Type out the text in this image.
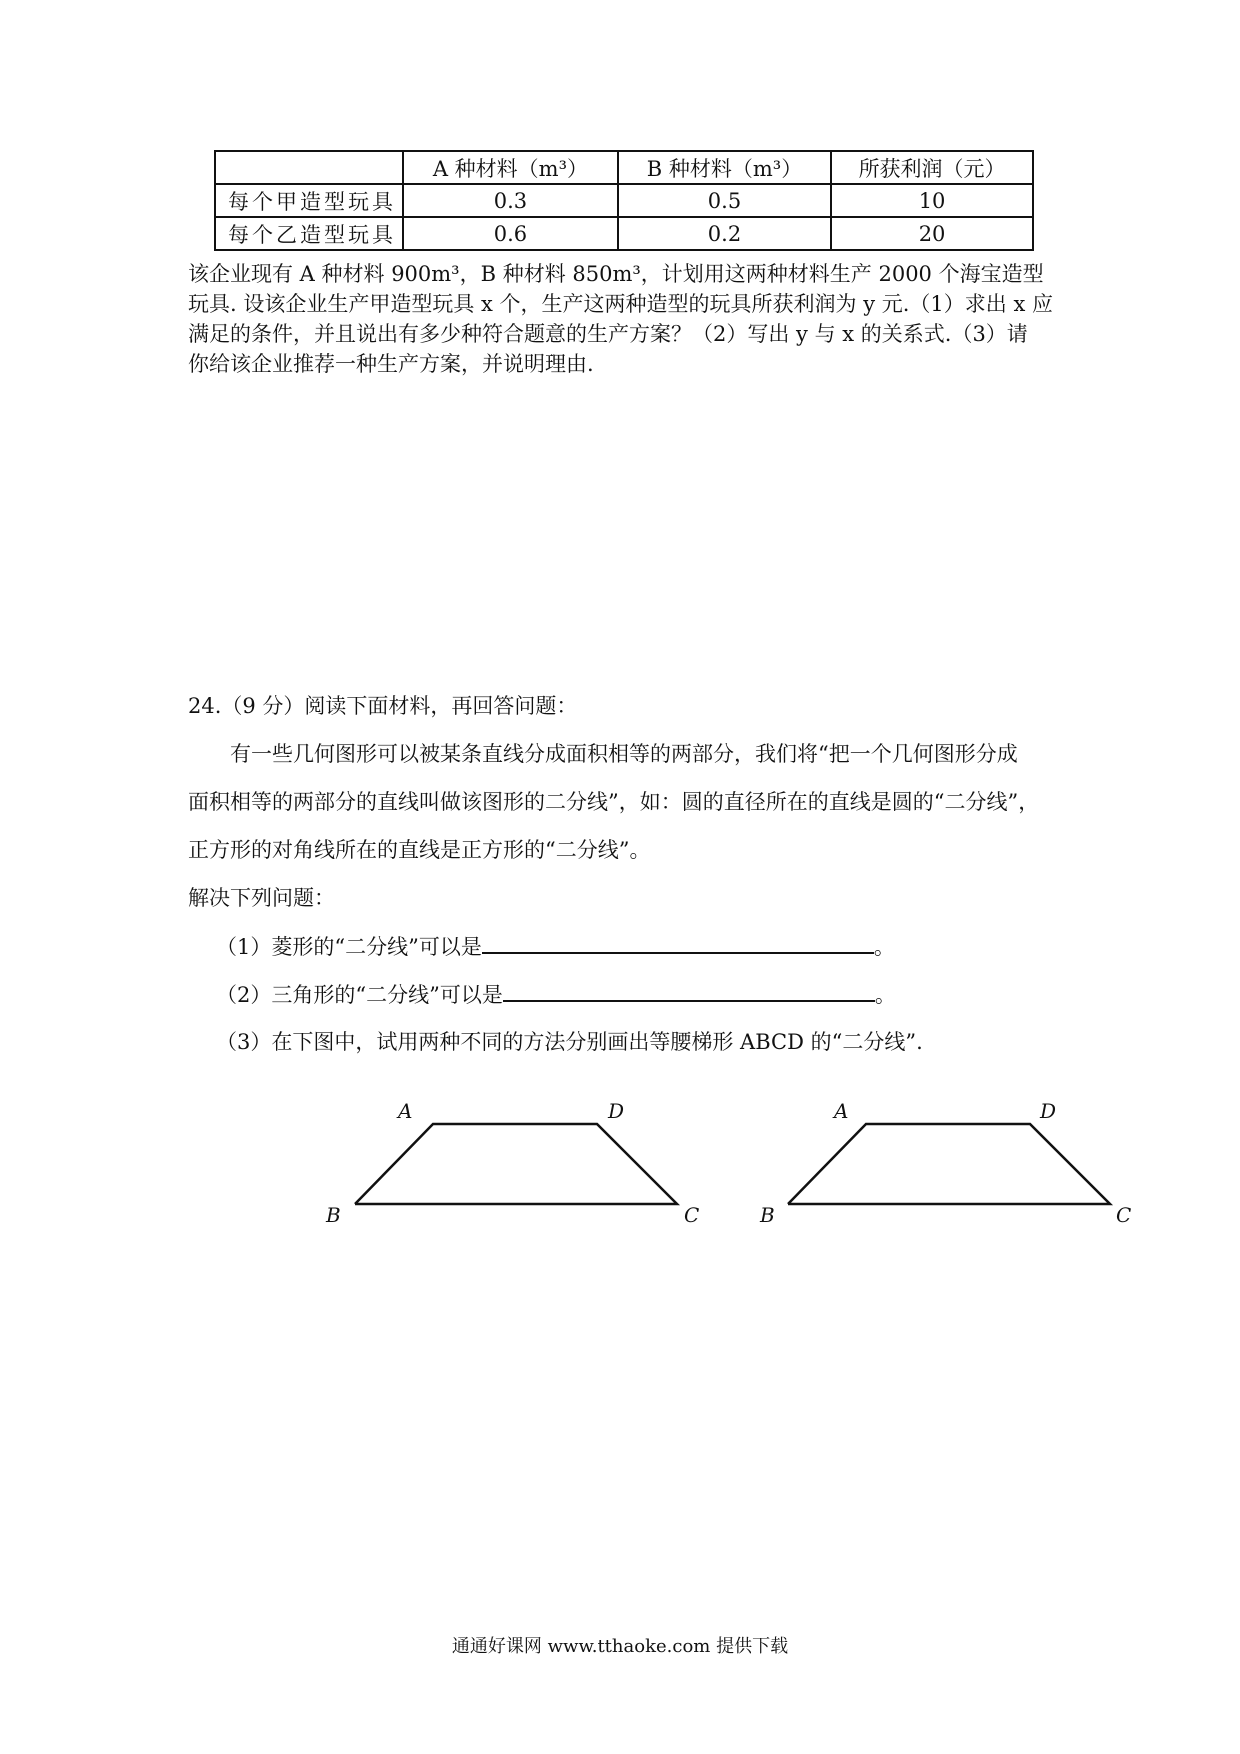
	A 种材料（m³）	B 种材料（m³）	所获利润（元）
每个甲造型玩具	0.3	0.5	10
每个乙造型玩具	0.6	0.2	20
该企业现有 A 种材料 900m³，B 种材料 850m³，计划用这两种材料生产 2000 个海宝造型
玩具. 设该企业生产甲造型玩具 x 个，生产这两种造型的玩具所获利润为 y 元.（1）求出 x 应
满足的条件，并且说出有多少种符合题意的生产方案？（2）写出 y 与 x 的关系式.（3）请
你给该企业推荐一种生产方案，并说明理由.
24.（9 分）阅读下面材料，再回答问题：
有一些几何图形可以被某条直线分成面积相等的两部分，我们将“把一个几何图形分成
面积相等的两部分的直线叫做该图形的二分线”，如：圆的直径所在的直线是圆的“二分线”，
正方形的对角线所在的直线是正方形的“二分线”。
解决下列问题：
（1）菱形的“二分线”可以是	。
（2）三角形的“二分线”可以是	。
（3）在下图中，试用两种不同的方法分别画出等腰梯形 ABCD 的“二分线”.
A	D
B	C
A	D
B	C
通通好课网 www.tthaoke.com 提供下载
